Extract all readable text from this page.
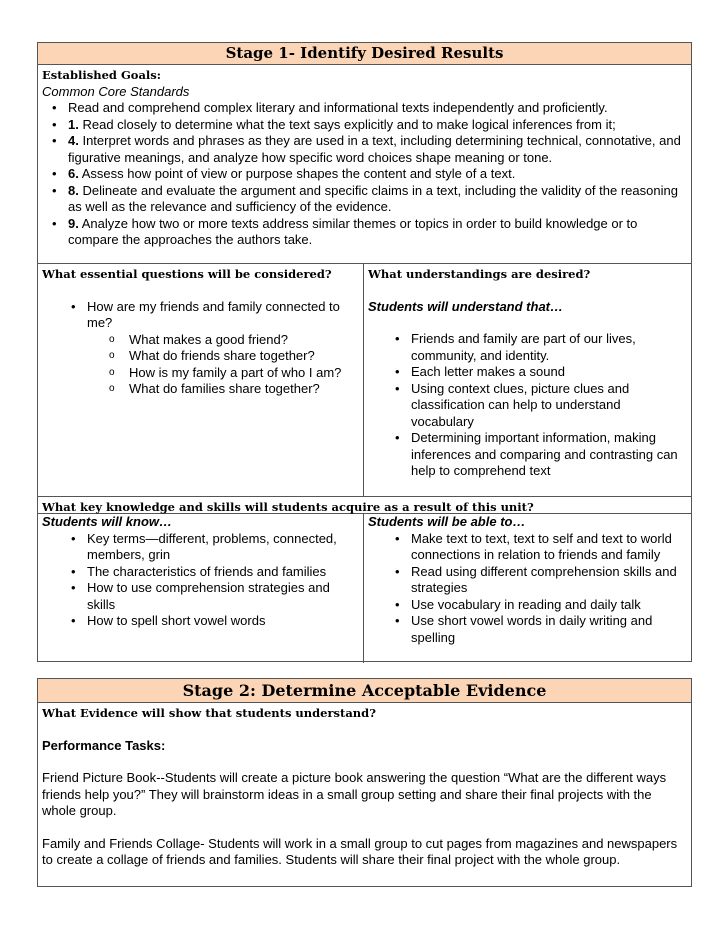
Stage 1- Identify Desired Results
Established Goals:
Common Core Standards
• Read and comprehend complex literary and informational texts independently and proficiently.
• 1. Read closely to determine what the text says explicitly and to make logical inferences from it;
• 4. Interpret words and phrases as they are used in a text, including determining technical, connotative, and figurative meanings, and analyze how specific word choices shape meaning or tone.
• 6. Assess how point of view or purpose shapes the content and style of a text.
• 8. Delineate and evaluate the argument and specific claims in a text, including the validity of the reasoning as well as the relevance and sufficiency of the evidence.
• 9. Analyze how two or more texts address similar themes or topics in order to build knowledge or to compare the approaches the authors take.
What essential questions will be considered?
• How are my friends and family connected to me?
o What makes a good friend?
o What do friends share together?
o How is my family a part of who I am?
o What do families share together?
What understandings are desired?
Students will understand that…
• Friends and family are part of our lives, community, and identity.
• Each letter makes a sound
• Using context clues, picture clues and classification can help to understand vocabulary
• Determining important information, making inferences and comparing and contrasting can help to comprehend text
What key knowledge and skills will students acquire as a result of this unit?
Students will know…
• Key terms—different, problems, connected, members, grin
• The characteristics of friends and families
• How to use comprehension strategies and skills
• How to spell short vowel words
Students will be able to…
• Make text to text, text to self and text to world connections in relation to friends and family
• Read using different comprehension skills and strategies
• Use vocabulary in reading and daily talk
• Use short vowel words in daily writing and spelling
Stage 2: Determine Acceptable Evidence
What Evidence will show that students understand?
Performance Tasks:

Friend Picture Book--Students will create a picture book answering the question “What are the different ways friends help you?” They will brainstorm ideas in a small group setting and share their final projects with the whole group.

Family and Friends Collage- Students will work in a small group to cut pages from magazines and newspapers to create a collage of friends and families. Students will share their final project with the whole group.
